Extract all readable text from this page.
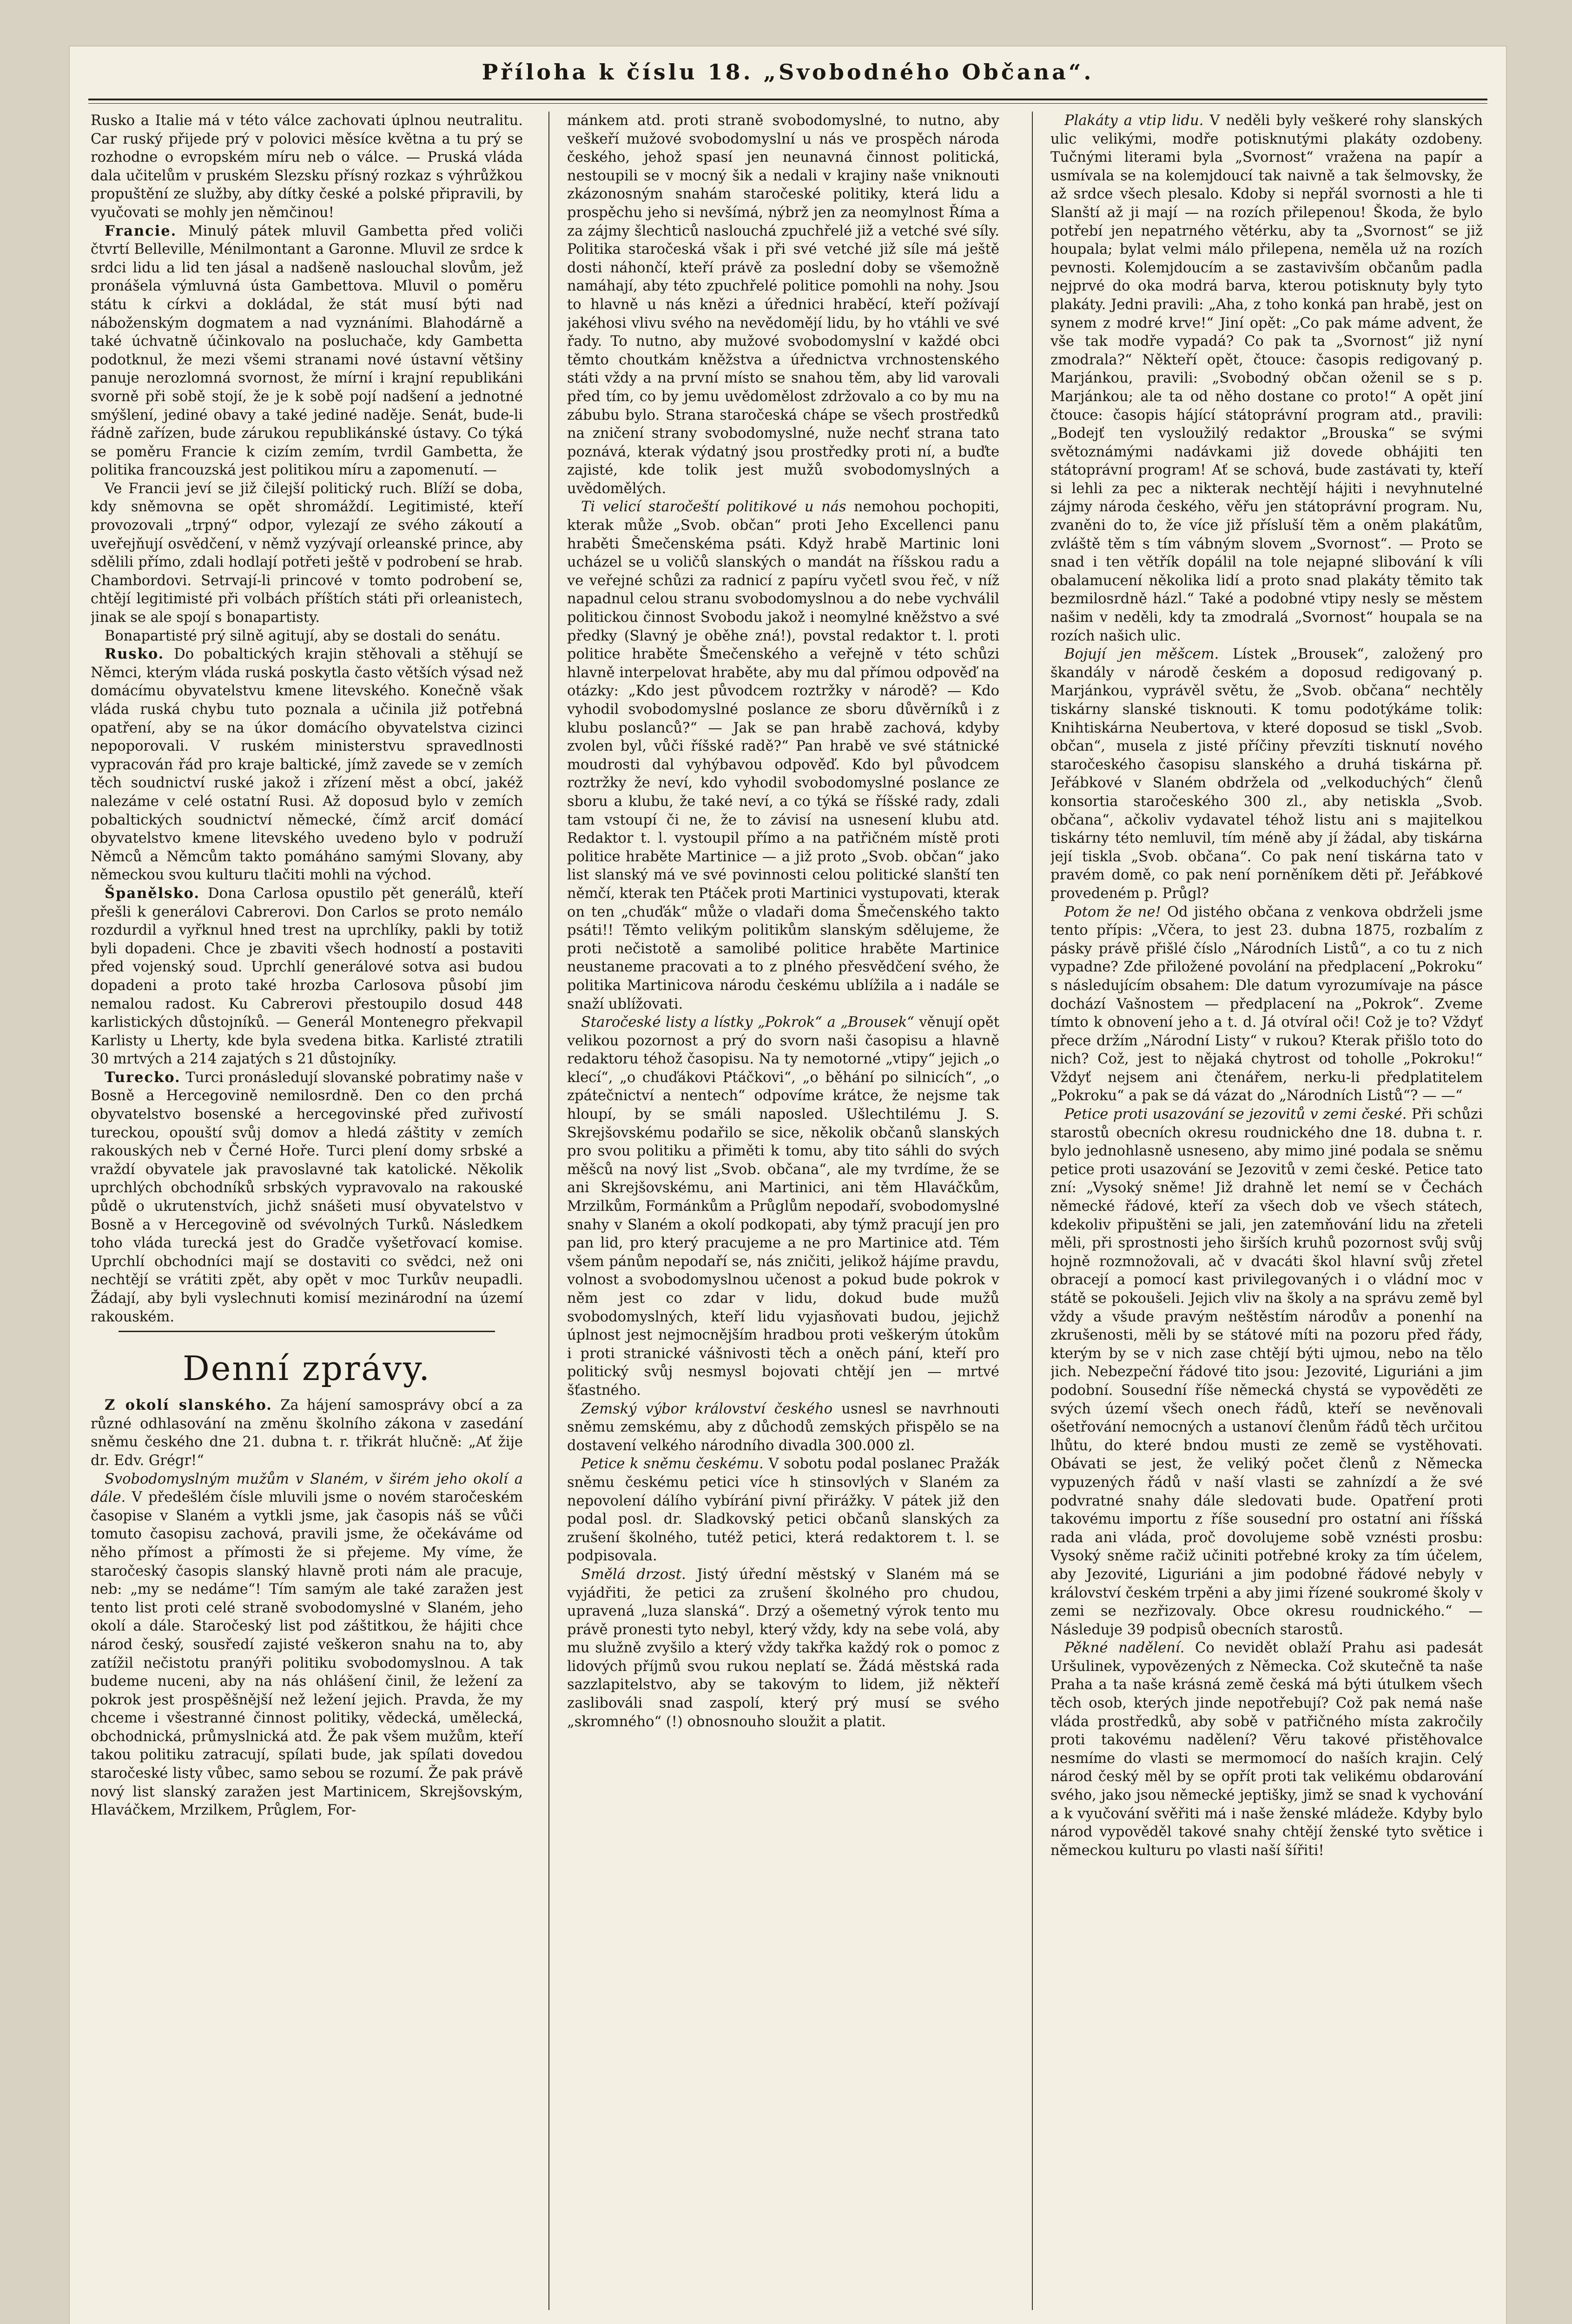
Příloha k číslu 18. „Svobodného Občana“.

Rusko a Italie má v této válce zachovati úplnou neutralitu. Car ruský přijede prý v polovici měsíce května a tu prý se rozhodne o evropském míru neb o válce. — Pruská vláda dala učitelům v pruském Slezsku přísný rozkaz s výhrůžkou propuštění ze služby, aby dítky české a polské připravili, by vyučovati se mohly jen němčinou!

Francie. Minulý pátek mluvil Gambetta před voliči čtvrtí Belleville, Ménilmontant a Garonne. Mluvil ze srdce k srdci lidu a lid ten jásal a nadšeně naslouchal slovům, jež pronášela výmluvná ústa Gambettova. Mluvil o poměru státu k církvi a dokládal, že stát musí býti nad náboženským dogmatem a nad vyznáními. Blahodárně a také úchvatně účinkovalo na posluchače, kdy Gambetta podotknul, že mezi všemi stranami nové ústavní většiny panuje nerozlomná svornost, že mírní i krajní republikáni svorně při sobě stojí, že je k sobě pojí nadšení a jednotné smýšlení, jediné obavy a také jediné naděje. Senát, bude-li řádně zařízen, bude zárukou republikánské ústavy. Co týká se poměru Francie k cizím zemím, tvrdil Gambetta, že politika francouzská jest politikou míru a zapomenutí. —

Ve Francii jeví se již čilejší politický ruch. Blíží se doba, kdy sněmovna se opět shromáždí. Legitimisté, kteří provozovali „trpný“ odpor, vylezají ze svého zákoutí a uveřejňují osvědčení, v němž vyzývají orleanské prince, aby sdělili přímo, zdali hodlají potřeti ještě v podrobení se hrab. Chambordovi. Setrvají-li princové v tomto podrobení se, chtějí legitimisté při volbách příštích státi při orleanistech, jinak se ale spojí s bonapartisty.

Bonapartisté prý silně agitují, aby se dostali do senátu.

Rusko. Do pobaltických krajin stěhovali a stěhují se Němci, kterým vláda ruská poskytla často větších výsad než domácímu obyvatelstvu kmene litevského. Konečně však vláda ruská chybu tuto poznala a učinila již potřebná opatření, aby se na úkor domácího obyvatelstva cizinci nepoporovali. V ruském ministerstvu spravedlnosti vypracován řád pro kraje baltické, jímž zavede se v zemích těch soudnictví ruské jakož i zřízení měst a obcí, jakéž nalezáme v celé ostatní Rusi. Až doposud bylo v zemích pobaltických soudnictví německé, čímž arciť domácí obyvatelstvo kmene litevského uvedeno bylo v podruží Němců a Němcům takto pomáháno samými Slovany, aby německou svou kulturu tlačiti mohli na východ.

Španělsko. Dona Carlosa opustilo pět generálů, kteří přešli k generálovi Cabrerovi. Don Carlos se proto nemálo rozdurdil a vyřknul hned trest na uprchlíky, pakli by totiž byli dopadeni. Chce je zbaviti všech hodností a postaviti před vojenský soud. Uprchlí generálové sotva asi budou dopadeni a proto také hrozba Carlosova působí jim nemalou radost. Ku Cabrerovi přestoupilo dosud 448 karlistických důstojníků. — Generál Montenegro překvapil Karlisty u Lherty, kde byla svedena bitka. Karlisté ztratili 30 mrtvých a 214 zajatých s 21 důstojníky.

Turecko. Turci pronásledují slovanské pobratimy naše v Bosně a Hercegovině nemilosrdně. Den co den prchá obyvatelstvo bosenské a hercegovinské před zuřivostí tureckou, opouští svůj domov a hledá záštity v zemích rakouských neb v Černé Hoře. Turci plení domy srbské a vraždí obyvatele jak pravoslavné tak katolické. Několik uprchlých obchodníků srbských vypravovalo na rakouské půdě o ukrutenstvích, jichž snášeti musí obyvatelstvo v Bosně a v Hercegovině od svévolných Turků. Následkem toho vláda turecká jest do Gradče vyšetřovací komise. Uprchlí obchodníci mají se dostaviti co svědci, než oni nechtějí se vrátiti zpět, aby opět v moc Turkův neupadli. Žádají, aby byli vyslechnuti komisí mezinárodní na území rakouském.

Denní zprávy.

Z okolí slanského. Za hájení samosprávy obcí a za různé odhlasování na změnu školního zákona v zasedání sněmu českého dne 21. dubna t. r. třikrát hlučně: „Ať žije dr. Edv. Grégr!“

Svobodomyslným mužům v Slaném, v širém jeho okolí a dále. V předešlém čísle mluvili jsme o novém staročeském časopise v Slaném a vytkli jsme, jak časopis náš se vůči tomuto časopisu zachová, pravili jsme, že očekáváme od něho přímost a přímosti že si přejeme. My víme, že staročeský časopis slanský hlavně proti nám ale pracuje, neb: „my se nedáme“! Tím samým ale také zaražen jest tento list proti celé straně svobodomyslné v Slaném, jeho okolí a dále. Staročeský list pod záštitkou, že hájiti chce národ český, sousředí zajisté veškeron snahu na to, aby zatížil nečistotu pranýři politiku svobodomyslnou. A tak budeme nuceni, aby na nás ohlášení činil, že ležení za pokrok jest prospěšnější než ležení jejich. Pravda, že my chceme i všestranné činnost politiky, vědecká, umělecká, obchodnická, průmyslnická atd. Že pak všem mužům, kteří takou politiku zatracují, spílati bude, jak spílati dovedou staročeské listy vůbec, samo sebou se rozumí. Že pak právě nový list slanský zaražen jest Martinicem, Skrejšovským, Hlaváčkem, Mrzilkem, Průglem, For-

mánkem atd. proti straně svobodomyslné, to nutno, aby veškeří mužové svobodomyslní u nás ve prospěch národa českého, jehož spasí jen neunavná činnost politická, nestoupili se v mocný šik a nedali v krajiny naše vniknouti zkázonosným snahám staročeské politiky, která lidu a prospěchu jeho si nevšímá, nýbrž jen za neomylnost Říma a za zájmy šlechticů naslouchá zpuchřelé již a vetché své síly. Politika staročeská však i při své vetché již síle má ještě dosti náhončí, kteří právě za poslední doby se všemožně namáhají, aby této zpuchřelé politice pomohli na nohy. Jsou to hlavně u nás knězi a úřednici hraběcí, kteří požívají jakéhosi vlivu svého na nevědomějí lidu, by ho vtáhli ve své řady. To nutno, aby mužové svobodomyslní v každé obci těmto choutkám kněžstva a úřednictva vrchnostenského státi vždy a na první místo se snahou těm, aby lid varovali před tím, co by jemu uvědomělost zdržovalo a co by mu na zábubu bylo. Strana staročeská chápe se všech prostředků na zničení strany svobodomyslné, nuže nechť strana tato poznává, kterak výdatný jsou prostředky proti ní, a buďte zajisté, kde tolik jest mužů svobodomyslných a uvědomělých.

Ti velicí staročeští politikové u nás nemohou pochopiti, kterak může „Svob. občan“ proti Jeho Excellenci panu hraběti Šmečenskéma psáti. Když hrabě Martinic loni ucházel se u voličů slanských o mandát na říšskou radu a ve veřejné schůzi za radnicí z papíru vyčetl svou řeč, v níž napadnul celou stranu svobodomyslnou a do nebe vychválil politickou činnost Svobodu jakož i neomylné kněžstvo a své předky (Slavný je oběhe zná!), povstal redaktor t. l. proti politice hraběte Šmečenského a veřejně v této schůzi hlavně interpelovat hraběte, aby mu dal přímou odpověď na otázky: „Kdo jest původcem roztržky v národě? — Kdo vyhodil svobodomyslné poslance ze sboru důvěrníků i z klubu poslanců?“ — Jak se pan hrabě zachová, kdyby zvolen byl, vůči říšské radě?“ Pan hrabě ve své státnické moudrosti dal vyhýbavou odpověď. Kdo byl původcem roztržky že neví, kdo vyhodil svobodomyslné poslance ze sboru a klubu, že také neví, a co týká se říšské rady, zdali tam vstoupí či ne, že to závisí na usnesení klubu atd. Redaktor t. l. vystoupil přímo a na patřičném místě proti politice hraběte Martinice — a již proto „Svob. občan“ jako list slanský má ve své povinnosti celou politické slanští ten němčí, kterak ten Ptáček proti Martinici vystupovati, kterak on ten „chuďák“ může o vladaři doma Šmečenského takto psáti!! Těmto velikým politikům slanským sdělujeme, že proti nečistotě a samolibé politice hraběte Martinice neustaneme pracovati a to z plného přesvědčení svého, že politika Martinicova národu českému ublížila a i nadále se snaží ublížovati.

Staročeské listy a lístky „Pokrok“ a „Brousek“ věnují opět velikou pozornost a prý do svorn naši časopisu a hlavně redaktoru téhož časopisu. Na ty nemotorné „vtipy“ jejich „o klecí“, „o chuďákovi Ptáčkovi“, „o běhání po silnicích“, „o zpátečnictví a nentech“ odpovíme krátce, že nejsme tak hloupí, by se smáli naposled. Ušlechtilému J. S. Skrejšovskému podařilo se sice, několik občanů slanských pro svou politiku a přiměti k tomu, aby tito sáhli do svých měšců na nový list „Svob. občana“, ale my tvrdíme, že se ani Skrejšovskému, ani Martinici, ani těm Hlaváčkům, Mrzilkům, Formánkům a Průglům nepodaří, svobodomyslné snahy v Slaném a okolí podkopati, aby týmž pracují jen pro pan lid, pro který pracujeme a ne pro Martinice atd. Tém všem pánům nepodaří se, nás zničiti, jelikož hájíme pravdu, volnost a svobodomyslnou učenost a pokud bude pokrok v něm jest co zdar v lidu, dokud bude mužů svobodomyslných, kteří lidu vyjasňovati budou, jejichž úplnost jest nejmocnějším hradbou proti veškerým útokům i proti stranické vášnivosti těch a oněch pání, kteří pro politický svůj nesmysl bojovati chtějí jen — mrtvé šťastného.

Zemský výbor království českého usnesl se navrhnouti sněmu zemskému, aby z důchodů zemských přispělo se na dostavení velkého národního divadla 300.000 zl.

Petice k sněmu českému. V sobotu podal poslanec Pražák sněmu českému petici více h stinsovlých v Slaném za nepovolení dálího vybírání pivní přirážky. V pátek již den podal posl. dr. Sladkovský petici občanů slanských za zrušení školného, tutéž petici, která redaktorem t. l. se podpisovala.

Smělá drzost. Jistý úřední městský v Slaném má se vyjádřiti, že petici za zrušení školného pro chudou, upravená „luza slanská“. Drzý a ošemetný výrok tento mu právě pronesti tyto nebyl, který vždy, kdy na sebe volá, aby mu služně zvyšilo a který vždy takřka každý rok o pomoc z lidových příjmů svou rukou neplatí se. Žádá městská rada sazzlapitelstvo, aby se takovým to lidem, již někteří zaslibováli snad zaspolí, který prý musí se svého „skromného“ (!) obnosnouho sloužit a platit.

Plakáty a vtip lidu. V neděli byly veškeré rohy slanských ulic velikými, modře potisknutými plakáty ozdobeny. Tučnými literami byla „Svornost“ vražena na papír a usmívala se na kolemjdoucí tak naivně a tak šelmovsky, že až srdce všech plesalo. Kdoby si nepřál svornosti a hle ti Slanští až ji mají — na rozích přilepenou! Škoda, že bylo potřebí jen nepatrného větérku, aby ta „Svornost“ se již houpala; bylat velmi málo přilepena, neměla už na rozích pevnosti. Kolemjdoucím a se zastavivším občanům padla nejprvé do oka modrá barva, kterou potisknuty byly tyto plakáty. Jedni pravili: „Aha, z toho konká pan hrabě, jest on synem z modré krve!“ Jiní opět: „Co pak máme advent, že vše tak modře vypadá? Co pak ta „Svornost“ již nyní zmodrala?“ Někteří opět, čtouce: časopis redigovaný p. Marjánkou, pravili: „Svobodný občan oženil se s p. Marjánkou; ale ta od něho dostane co proto!“ A opět jiní čtouce: časopis hájící státoprávní program atd., pravili: „Bodejť ten vysloužilý redaktor „Brouska“ se svými světoznámými nadávkami již dovede obhájiti ten státoprávní program! Ať se schová, bude zastávati ty, kteří si lehli za pec a nikterak nechtějí hájiti i nevyhnutelné zájmy národa českého, věřu jen státoprávní program. Nu, zvaněni do to, že více již přísluší těm a oněm plakátům, zvláště těm s tím vábným slovem „Svornost“. — Proto se snad i ten větřík dopálil na tole nejapné slibování k víli obalamucení několika lidí a proto snad plakáty těmito tak bezmilosrdně házl.“ Také a podobné vtipy nesly se městem našim v neděli, kdy ta zmodralá „Svornost“ houpala se na rozích našich ulic.

Bojují jen měšcem. Lístek „Brousek“, založený pro škandály v národě českém a doposud redigovaný p. Marjánkou, vyprávěl světu, že „Svob. občana“ nechtěly tiskárny slanské tisknouti. K tomu podotýkáme tolik: Knihtiskárna Neubertova, v které doposud se tiskl „Svob. občan“, musela z jisté příčiny převzíti tisknutí nového staročeského časopisu slanského a druhá tiskárna př. Jeřábkové v Slaném obdržela od „velkoduchých“ členů konsortia staročeského 300 zl., aby netiskla „Svob. občana“, ačkoliv vydavatel téhož listu ani s majitelkou tiskárny této nemluvil, tím méně aby jí žádal, aby tiskárna její tiskla „Svob. občana“. Co pak není tiskárna tato v pravém domě, co pak není porněníkem děti př. Jeřábkové provedeném p. Průgl?

Potom že ne! Od jistého občana z venkova obdrželi jsme tento přípis: „Včera, to jest 23. dubna 1875, rozbalím z pásky právě přišlé číslo „Národních Listů“, a co tu z nich vypadne? Zde přiložené povolání na předplacení „Pokroku“ s následujícím obsahem: Dle datum vyrozumívaje na pásce dochází Vašnostem — předplacení na „Pokrok“. Zveme tímto k obnovení jeho a t. d. Já otvíral oči! Což je to? Vždyť přece držím „Národní Listy“ v rukou? Kterak přišlo toto do nich? Což, jest to nějaká chytrost od toholle „Pokroku!“ Vždyť nejsem ani čtenářem, nerku-li předplatitelem „Pokroku“ a pak se dá vázat do „Národních Listů“? — —“

Petice proti usazování se jezovitů v zemi české. Při schůzi starostů obecních okresu roudnického dne 18. dubna t. r. bylo jednohlasně usneseno, aby mimo jiné podala se sněmu petice proti usazování se Jezovitů v zemi české. Petice tato zní: „Vysoký sněme! Již drahně let nemí se v Čechách německé řádové, kteří za všech dob ve všech státech, kdekoliv připuštěni se jali, jen zatemňování lidu na zřeteli měli, při sprostnosti jeho širších kruhů pozornost svůj svůj hojně rozmnožovali, ač v dvacáti škol hlavní svůj zřetel obracejí a pomocí kast privilegovaných i o vládní moc v státě se pokoušeli. Jejich vliv na školy a na správu země byl vždy a všude pravým neštěstím národův a ponenhí na zkrušenosti, měli by se státové míti na pozoru před řády, kterým by se v nich zase chtějí býti ujmou, nebo na tělo jich. Nebezpeční řádové tito jsou: Jezovité, Liguriáni a jim podobní. Sousední říše německá chystá se vypověděti ze svých území všech onech řádů, kteří se nevěnovali ošetřování nemocných a ustanoví členům řádů těch určitou lhůtu, do které bndou musti ze země se vystěhovati. Obávati se jest, že veliký počet členů z Německa vypuzených řádů v naší vlasti se zahnízdí a že své podvratné snahy dále sledovati bude. Opatření proti takovému importu z říše sousední pro ostatní ani říšská rada ani vláda, proč dovolujeme sobě vznésti prosbu: Vysoký sněme račiž učiniti potřebné kroky za tím účelem, aby Jezovité, Liguriáni a jim podobné řádové nebyly v království českém trpěni a aby jimi řízené soukromé školy v zemi se nezřizovaly. Obce okresu roudnického.“ — Následuje 39 podpisů obecních starostů.

Pěkné nadělení. Co nevidět oblaží Prahu asi padesát Uršulinek, vypovězených z Německa. Což skutečně ta naše Praha a ta naše krásná země česká má býti útulkem všech těch osob, kterých jinde nepotřebují? Což pak nemá naše vláda prostředků, aby sobě v patřičného místa zakročily proti takovému nadělení? Věru takové přistěhovalce nesmíme do vlasti se mermomocí do naších krajin. Celý národ český měl by se opřít proti tak velikému obdarování svého, jako jsou německé jeptišky, jimž se snad k vychování a k vyučování svěřiti má i naše ženské mládeže. Kdyby bylo národ vypověděl takové snahy chtějí ženské tyto světice i německou kulturu po vlasti naší šířiti!
